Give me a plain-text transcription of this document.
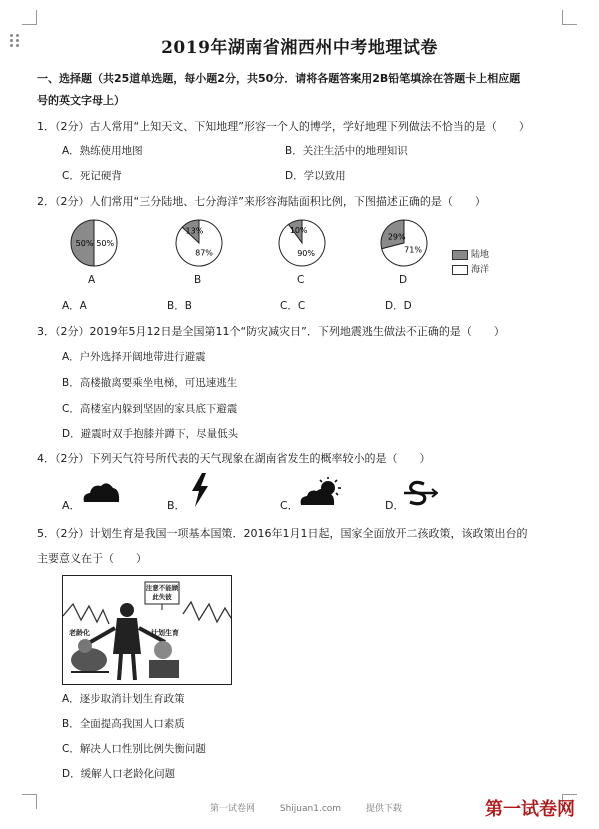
2019年湖南省湘西州中考地理试卷
一、选择题（共25道单选题，每小题2分，共50分．请将各题答案用2B铅笔填涂在答题卡上相应题
号的英文字母上）
1．（2分）古人常用“上知天文、下知地理”形容一个人的博学，学好地理下列做法不恰当的是（　　）
A．熟练使用地图	B．关注生活中的地理知识
C．死记硬背	D．学以致用
2．（2分）人们常用“三分陆地、七分海洋”来形容海陆面积比例，下图描述正确的是（　　）
50% 50%
13%
87%
10%
90%
29%
71%
A	B	C	D
陆地
海洋
A．A	B．B	C．C	D．D
3．（2分）2019年5月12日是全国第11个“防灾减灾日”．下列地震逃生做法不正确的是（　　）
A．户外选择开阔地带进行避震
B．高楼撤离要乘坐电梯，可迅速逃生
C．高楼室内躲到坚固的家具底下避震
D．避震时双手抱膝并蹲下，尽量低头
4．（2分）下列天气符号所代表的天气现象在湖南省发生的概率较小的是（　　）
A．	B．	C．	D．
5．（2分）计划生育是我国一项基本国策．2016年1月1日起，国家全面放开二孩政策，该政策出台的
主要意义在于（　　）
注意不能顾此失彼
老龄化	计划生育
A．逐步取消计划生育政策
B．全面提高我国人口素质
C．解决人口性别比例失衡问题
D．缓解人口老龄化问题
第一试卷网	Shijuan1.com	提供下载	第一试卷网
